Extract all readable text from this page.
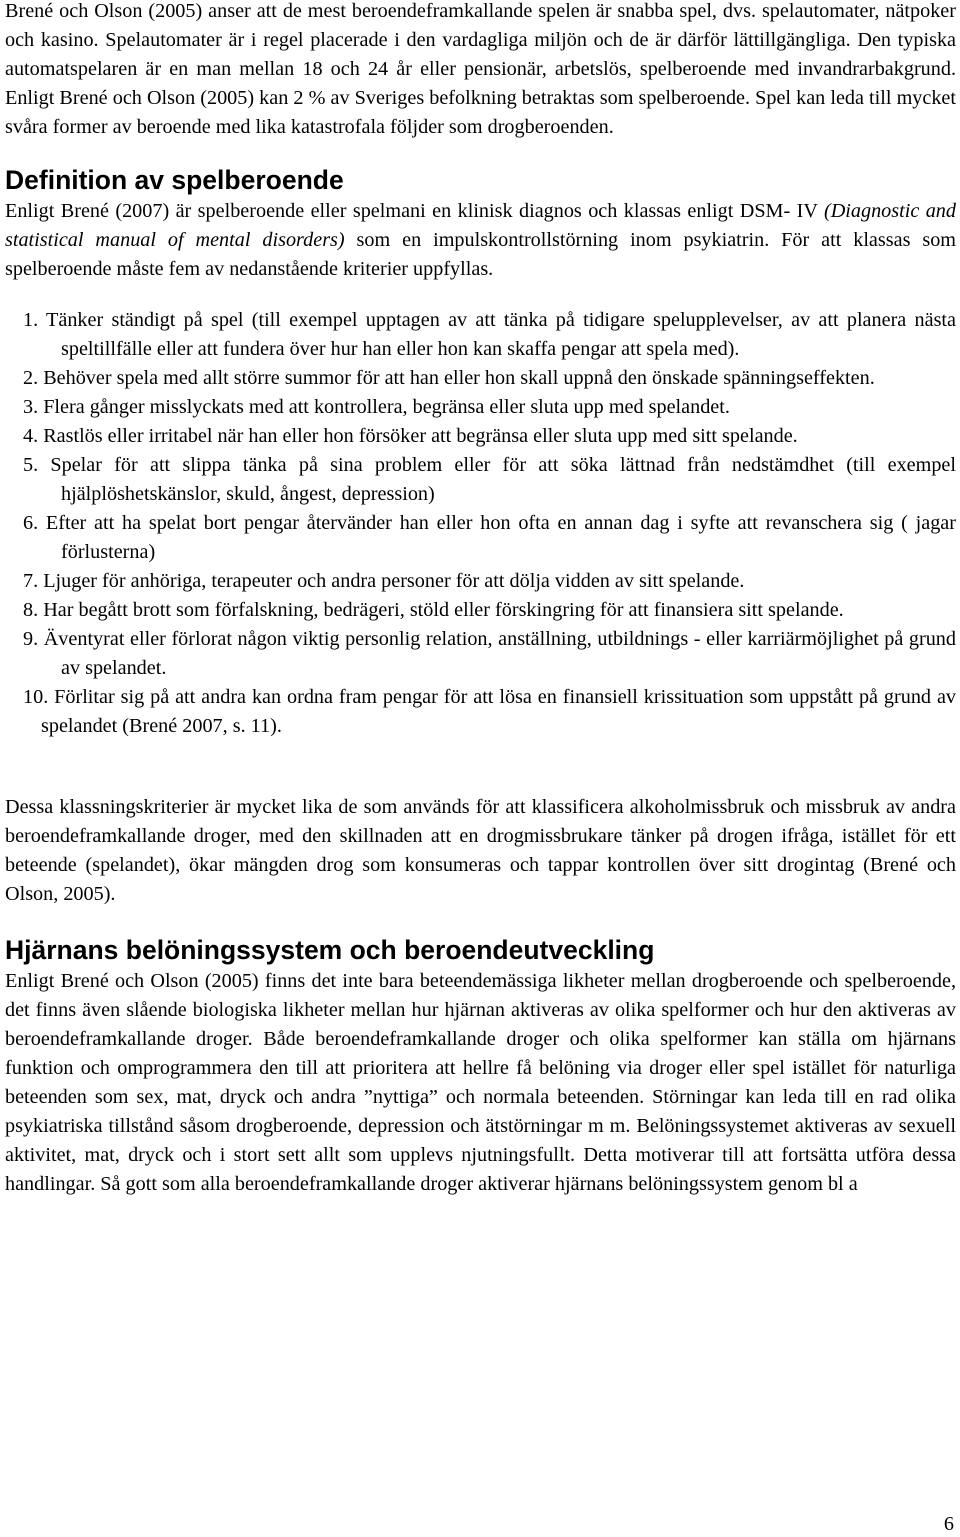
Brené och Olson (2005) anser att de mest beroendeframkallande spelen är snabba spel, dvs. spelautomater, nätpoker och kasino. Spelautomater är i regel placerade i den vardagliga miljön och de är därför lättillgängliga. Den typiska automatspelaren är en man mellan 18 och 24 år eller pensionär, arbetslös, spelberoende med invandrarbakgrund. Enligt Brené och Olson (2005) kan 2 % av Sveriges befolkning betraktas som spelberoende. Spel kan leda till mycket svåra former av beroende med lika katastrofala följder som drogberoenden.

Definition av spelberoende

Enligt Brené (2007) är spelberoende eller spelmani en klinisk diagnos och klassas enligt DSM- IV (Diagnostic and statistical manual of mental disorders) som en impulskontrollstörning inom psykiatrin. För att klassas som spelberoende måste fem av nedanstående kriterier uppfyllas.

1. Tänker ständigt på spel (till exempel upptagen av att tänka på tidigare spelupplevelser, av att planera nästa speltillfälle eller att fundera över hur han eller hon kan skaffa pengar att spela med).
2. Behöver spela med allt större summor för att han eller hon skall uppnå den önskade spänningseffekten.
3. Flera gånger misslyckats med att kontrollera, begränsa eller sluta upp med spelandet.
4. Rastlös eller irritabel när han eller hon försöker att begränsa eller sluta upp med sitt spelande.
5. Spelar för att slippa tänka på sina problem eller för att söka lättnad från nedstämdhet (till exempel hjälplöshetskänslor, skuld, ångest, depression)
6. Efter att ha spelat bort pengar återvänder han eller hon ofta en annan dag i syfte att revanschera sig ( jagar förlusterna)
7. Ljuger för anhöriga, terapeuter och andra personer för att dölja vidden av sitt spelande.
8. Har begått brott som förfalskning, bedrägeri, stöld eller förskingring för att finansiera sitt spelande.
9. Äventyrat eller förlorat någon viktig personlig relation, anställning, utbildnings - eller karriärmöjlighet på grund av spelandet.
10. Förlitar sig på att andra kan ordna fram pengar för att lösa en finansiell krissituation som uppstått på grund av spelandet (Brené 2007, s. 11).

Dessa klassningskriterier är mycket lika de som används för att klassificera alkoholmissbruk och missbruk av andra beroendeframkallande droger, med den skillnaden att en drogmissbrukare tänker på drogen ifråga, istället för ett beteende (spelandet), ökar mängden drog som konsumeras och tappar kontrollen över sitt drogintag (Brené och Olson, 2005).

Hjärnans belöningssystem och beroendeutveckling

Enligt Brené och Olson (2005) finns det inte bara beteendemässiga likheter mellan drogberoende och spelberoende, det finns även slående biologiska likheter mellan hur hjärnan aktiveras av olika spelformer och hur den aktiveras av beroendeframkallande droger. Både beroendeframkallande droger och olika spelformer kan ställa om hjärnans funktion och omprogrammera den till att prioritera att hellre få belöning via droger eller spel istället för naturliga beteenden som sex, mat, dryck och andra ”nyttiga” och normala beteenden. Störningar kan leda till en rad olika psykiatriska tillstånd såsom drogberoende, depression och ätstörningar m m. Belöningssystemet aktiveras av sexuell aktivitet, mat, dryck och i stort sett allt som upplevs njutningsfullt. Detta motiverar till att fortsätta utföra dessa handlingar. Så gott som alla beroendeframkallande droger aktiverar hjärnans belöningssystem genom bl a

6
